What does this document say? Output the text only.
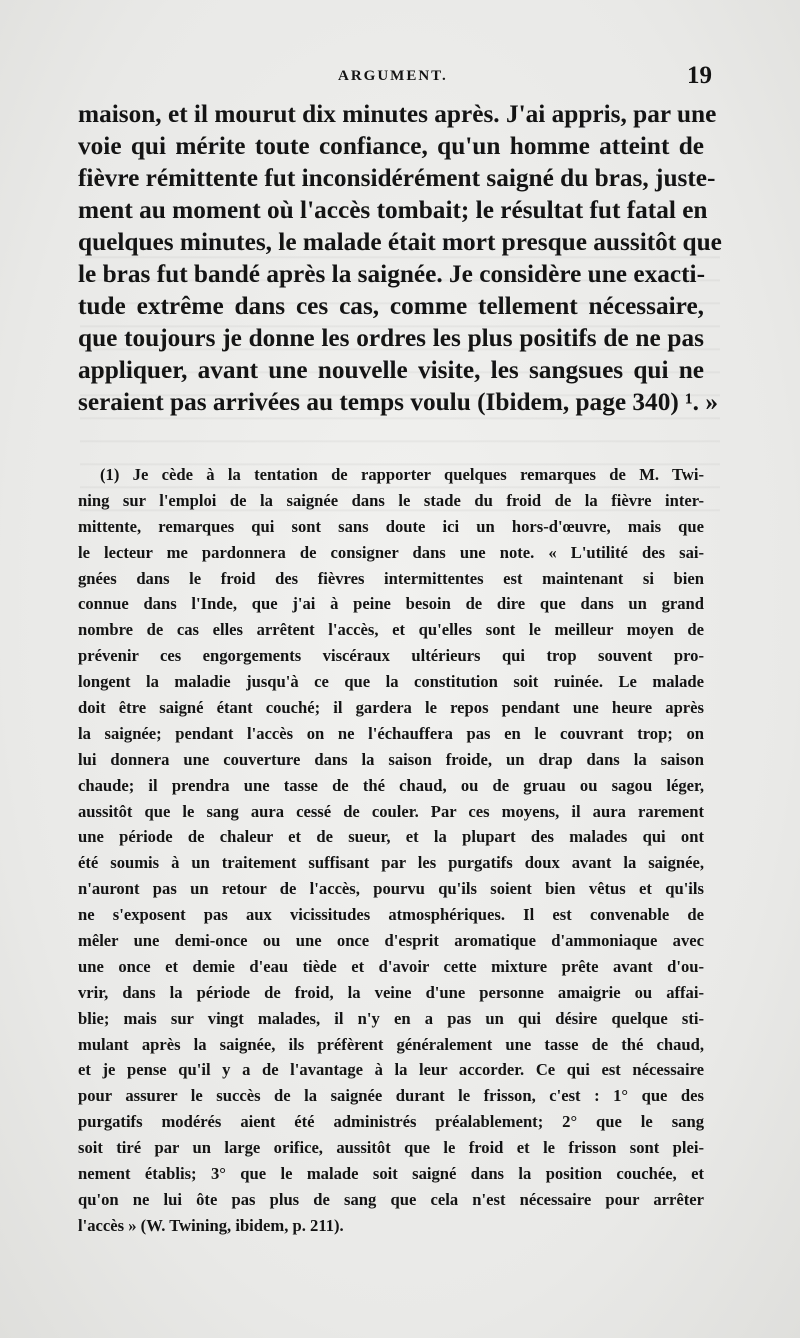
ARGUMENT.	19
maison, et il mourut dix minutes après. J'ai appris, par une
voie qui mérite toute confiance, qu'un homme atteint de
fièvre rémittente fut inconsidérément saigné du bras, juste-
ment au moment où l'accès tombait; le résultat fut fatal en
quelques minutes, le malade était mort presque aussitôt que
le bras fut bandé après la saignée. Je considère une exacti-
tude extrême dans ces cas, comme tellement nécessaire,
que toujours je donne les ordres les plus positifs de ne pas
appliquer, avant une nouvelle visite, les sangsues qui ne
seraient pas arrivées au temps voulu (Ibidem, page 340) ¹. »
(1) Je cède à la tentation de rapporter quelques remarques de M. Twi-
ning sur l'emploi de la saignée dans le stade du froid de la fièvre inter-
mittente, remarques qui sont sans doute ici un hors-d'œuvre, mais que
le lecteur me pardonnera de consigner dans une note. « L'utilité des sai-
gnées dans le froid des fièvres intermittentes est maintenant si bien
connue dans l'Inde, que j'ai à peine besoin de dire que dans un grand
nombre de cas elles arrêtent l'accès, et qu'elles sont le meilleur moyen de
prévenir ces engorgements viscéraux ultérieurs qui trop souvent pro-
longent la maladie jusqu'à ce que la constitution soit ruinée. Le malade
doit être saigné étant couché; il gardera le repos pendant une heure après
la saignée; pendant l'accès on ne l'échauffera pas en le couvrant trop; on
lui donnera une couverture dans la saison froide, un drap dans la saison
chaude; il prendra une tasse de thé chaud, ou de gruau ou sagou léger,
aussitôt que le sang aura cessé de couler. Par ces moyens, il aura rarement
une période de chaleur et de sueur, et la plupart des malades qui ont
été soumis à un traitement suffisant par les purgatifs doux avant la saignée,
n'auront pas un retour de l'accès, pourvu qu'ils soient bien vêtus et qu'ils
ne s'exposent pas aux vicissitudes atmosphériques. Il est convenable de
mêler une demi-once ou une once d'esprit aromatique d'ammoniaque avec
une once et demie d'eau tiède et d'avoir cette mixture prête avant d'ou-
vrir, dans la période de froid, la veine d'une personne amaigrie ou affai-
blie; mais sur vingt malades, il n'y en a pas un qui désire quelque sti-
mulant après la saignée, ils préfèrent généralement une tasse de thé chaud,
et je pense qu'il y a de l'avantage à la leur accorder. Ce qui est nécessaire
pour assurer le succès de la saignée durant le frisson, c'est : 1° que des
purgatifs modérés aient été administrés préalablement; 2° que le sang
soit tiré par un large orifice, aussitôt que le froid et le frisson sont plei-
nement établis; 3° que le malade soit saigné dans la position couchée, et
qu'on ne lui ôte pas plus de sang que cela n'est nécessaire pour arrêter
l'accès » (W. Twining, ibidem, p. 211).
